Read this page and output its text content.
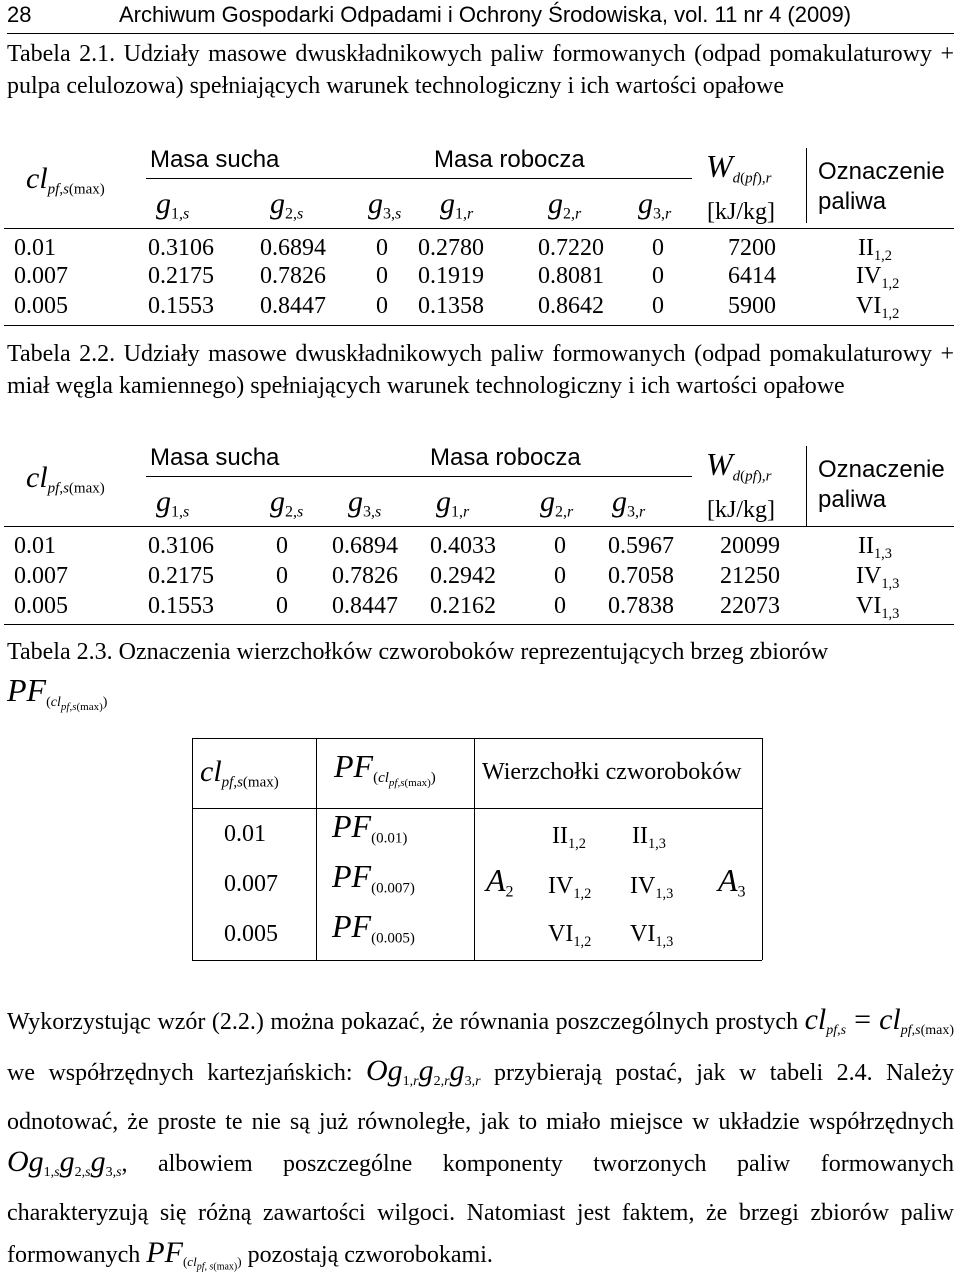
28	Archiwum Gospodarki Odpadami i Ochrony Środowiska, vol. 11 nr 4 (2009)
Tabela 2.1. Udziały masowe dwuskładnikowych paliw formowanych (odpad pomakulaturowy + pulpa celulozowa) spełniających warunek technologiczny i ich wartości opałowe
$cl_{pf,s(max)}$
Masa sucha	Masa robocza	$W_{d(pf),r}$ Oznaczenie
paliwa
$g_{1,s}$	$g_{2,s}$ $g_{3,s}$ $g_{1,r}$ $g_{2,r}$ $g_{3,r}$ [kJ/kg]
0.01	0.3106 0.6894 0 0.2780 0.7220 0	7200	$II_{1,2}$
0.007	0.2175 0.7826 0 0.1919 0.8081 0	6414	$IV_{1,2}$
0.005	0.1553 0.8447 0 0.1358 0.8642 0	5900	$VI_{1,2}$
Tabela 2.2. Udziały masowe dwuskładnikowych paliw formowanych (odpad pomakulaturowy + miał węgla kamiennego) spełniających warunek technologiczny i ich wartości opałowe
$cl_{pf,s(max)}$
Masa sucha	Masa robocza	$W_{d(pf),r}$ Oznaczenie
paliwa
$g_{1,s}$	$g_{2,s}$ $g_{3,s}$ $g_{1,r}$ $g_{2,r}$ $g_{3,r}$	[kJ/kg]
0.01	0.3106	0 0.6894 0.4033 0 0.5967 20099	$II_{1,3}$
0.007	0.2175	0 0.7826 0.2942 0 0.7058 21250	$IV_{1,3}$
0.005	0.1553	0 0.8447 0.2162 0 0.7838 22073	$VI_{1,3}$
Tabela 2.3. Oznaczenia wierzchołków czworoboków reprezentujących brzeg zbiorów
$PF_{(cl_{pf,s(max)})}$
$cl_{pf,s(max)}$ $PF_{(cl_{pf,s(max)})}$ Wierzchołki czworoboków
0.01 $PF_{(0.01)}$	$II_{1,2}$ $II_{1,3}$
0.007 $PF_{(0.007)}$	$IV_{1,2}$ $IV_{1,3}$
0.005 $PF_{(0.005)}$	$VI_{1,2}$ $VI_{1,3}$
$A_2$	$A_3$
Wykorzystując wzór (2.2.) można pokazać, że równania poszczególnych prostych $cl_{pf,s} = cl_{pf,s(max)}$ we współrzędnych kartezjańskich: $Og_{1,r}g_{2,r}g_{3,r}$ przybierają postać, jak w tabeli 2.4. Należy odnotować, że proste te nie są już równoległe, jak to miało miejsce w układzie współrzędnych $Og_{1,s}g_{2,s}g_{3,s}$, albowiem poszczególne komponenty tworzonych paliw formowanych charakteryzują się różną zawartości wilgoci. Natomiast jest faktem, że brzegi zbiorów paliw formowanych $PF_{(cl_{pf, s(max)})}$ pozostają czworobokami.
